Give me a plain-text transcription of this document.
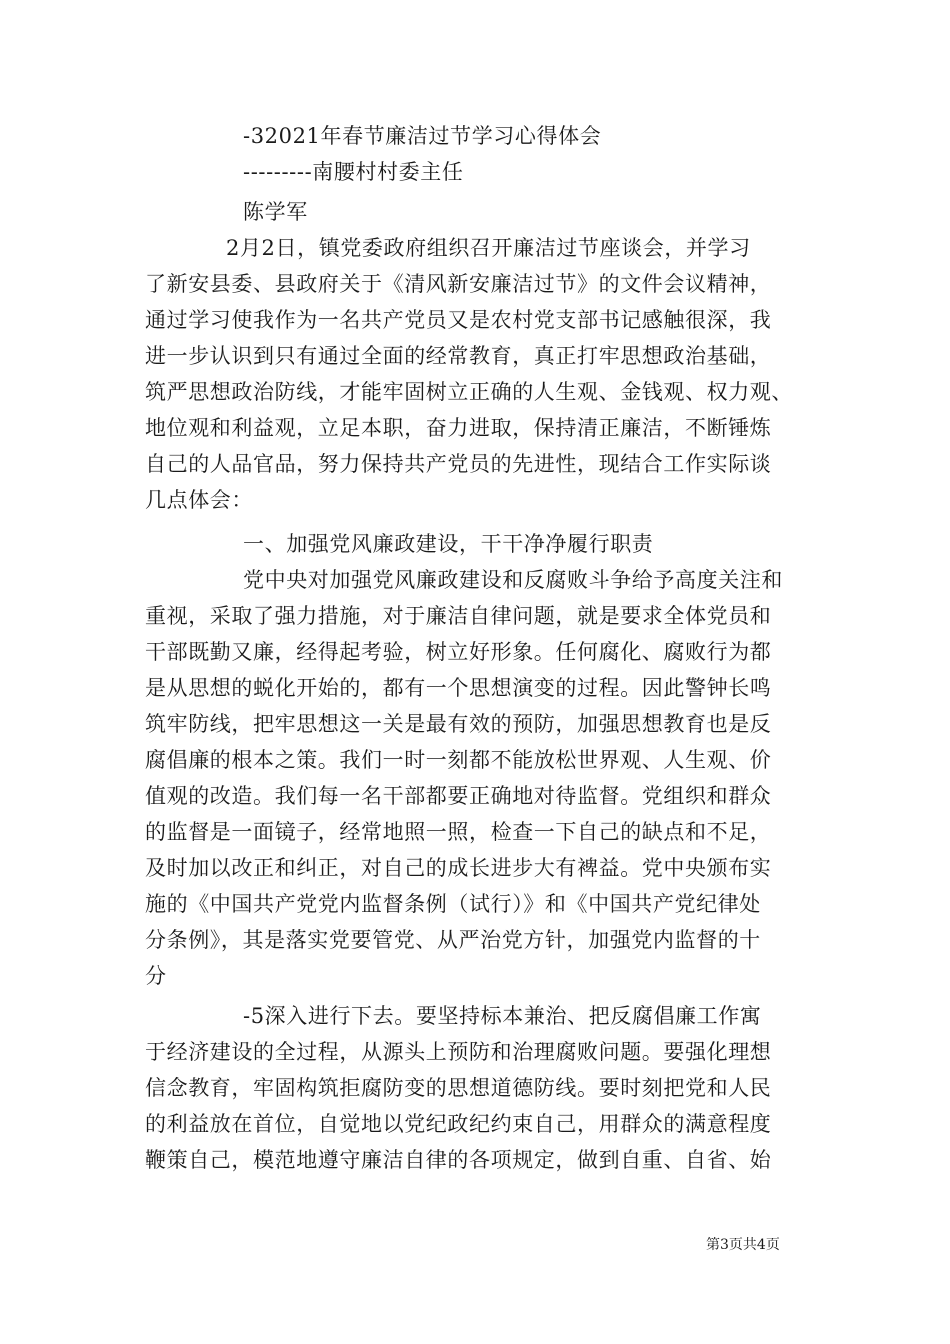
-32021年春节廉洁过节学习心得体会
---------南腰村村委主任
陈学军
2月2日，镇党委政府组织召开廉洁过节座谈会，并学习
了新安县委、县政府关于《清风新安廉洁过节》的文件会议精神，
通过学习使我作为一名共产党员又是农村党支部书记感触很深，我
进一步认识到只有通过全面的经常教育，真正打牢思想政治基础，
筑严思想政治防线，才能牢固树立正确的人生观、金钱观、权力观、
地位观和利益观，立足本职，奋力进取，保持清正廉洁，不断锤炼
自己的人品官品，努力保持共产党员的先进性，现结合工作实际谈
几点体会：
一、加强党风廉政建设，干干净净履行职责
党中央对加强党风廉政建设和反腐败斗争给予高度关注和
重视，采取了强力措施，对于廉洁自律问题，就是要求全体党员和
干部既勤又廉，经得起考验，树立好形象。任何腐化、腐败行为都
是从思想的蜕化开始的，都有一个思想演变的过程。因此警钟长鸣
筑牢防线，把牢思想这一关是最有效的预防，加强思想教育也是反
腐倡廉的根本之策。我们一时一刻都不能放松世界观、人生观、价
值观的改造。我们每一名干部都要正确地对待监督。党组织和群众
的监督是一面镜子，经常地照一照，检查一下自己的缺点和不足，
及时加以改正和纠正，对自己的成长进步大有裨益。党中央颁布实
施的《中国共产党党内监督条例（试行）》和《中国共产党纪律处
分条例》，其是落实党要管党、从严治党方针，加强党内监督的十
分
-5深入进行下去。要坚持标本兼治、把反腐倡廉工作寓
于经济建设的全过程，从源头上预防和治理腐败问题。要强化理想
信念教育，牢固构筑拒腐防变的思想道德防线。要时刻把党和人民
的利益放在首位，自觉地以党纪政纪约束自己，用群众的满意程度
鞭策自己，模范地遵守廉洁自律的各项规定，做到自重、自省、始
第3页共4页
